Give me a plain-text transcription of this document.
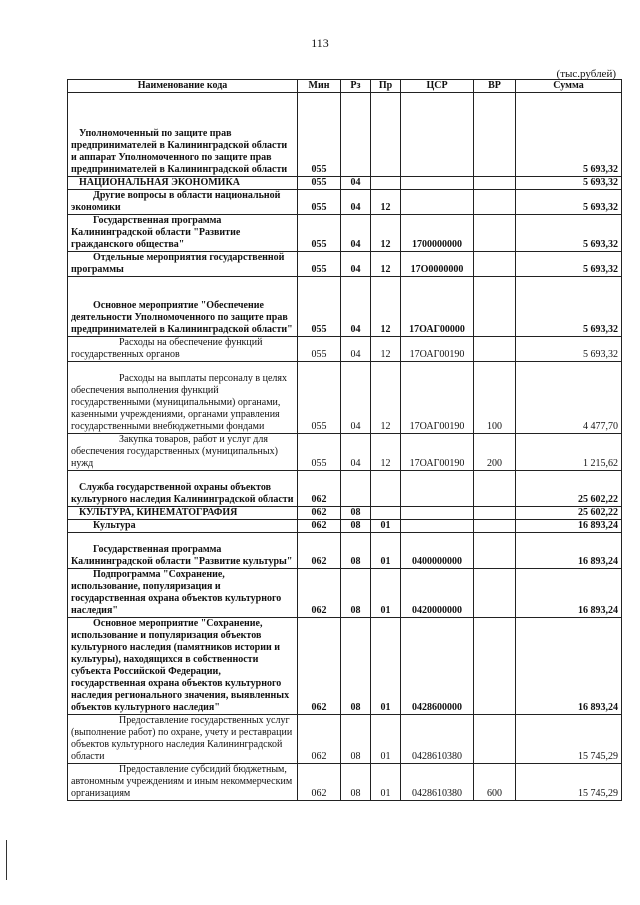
113
(тыс.рублей)
Наименование кода	Мин	Рз	Пр	ЦСР	ВР	Сумма
Уполномоченный по защите прав предпринимателей в Калининградской области и аппарат Уполномоченного по защите прав предпринимателей в Калининградской области	055					5 693,32
НАЦИОНАЛЬНАЯ ЭКОНОМИКА	055	04				5 693,32
Другие вопросы в области национальной экономики	055	04	12			5 693,32
Государственная программа Калининградской области "Развитие гражданского общества"	055	04	12	1700000000		5 693,32
Отдельные мероприятия государственной программы	055	04	12	17О0000000		5 693,32
Основное мероприятие "Обеспечение деятельности Уполномоченного по защите прав предпринимателей в Калининградской области"	055	04	12	17ОАГ00000		5 693,32
Расходы на обеспечение функций государственных органов	055	04	12	17ОАГ00190		5 693,32
Расходы на выплаты персоналу в целях обеспечения выполнения функций государственными (муниципальными) органами, казенными учреждениями, органами управления государственными внебюджетными фондами	055	04	12	17ОАГ00190	100	4 477,70
Закупка товаров, работ и услуг для обеспечения государственных (муниципальных) нужд	055	04	12	17ОАГ00190	200	1 215,62
Служба государственной охраны объектов культурного наследия Калининградской области	062					25 602,22
КУЛЬТУРА, КИНЕМАТОГРАФИЯ	062	08				25 602,22
Культура	062	08	01			16 893,24
Государственная программа Калининградской области "Развитие культуры"	062	08	01	0400000000		16 893,24
Подпрограмма "Сохранение, использование, популяризация и государственная охрана объектов культурного наследия"	062	08	01	0420000000		16 893,24
Основное мероприятие "Сохранение, использование и популяризация объектов культурного наследия (памятников истории и культуры), находящихся в собственности субъекта Российской Федерации, государственная охрана объектов культурного наследия регионального значения, выявленных объектов культурного наследия"	062	08	01	0428600000		16 893,24
Предоставление государственных услуг (выполнение работ) по охране, учету и реставрации объектов культурного наследия Калининградской области	062	08	01	0428610380		15 745,29
Предоставление субсидий бюджетным, автономным учреждениям и иным некоммерческим организациям	062	08	01	0428610380	600	15 745,29
